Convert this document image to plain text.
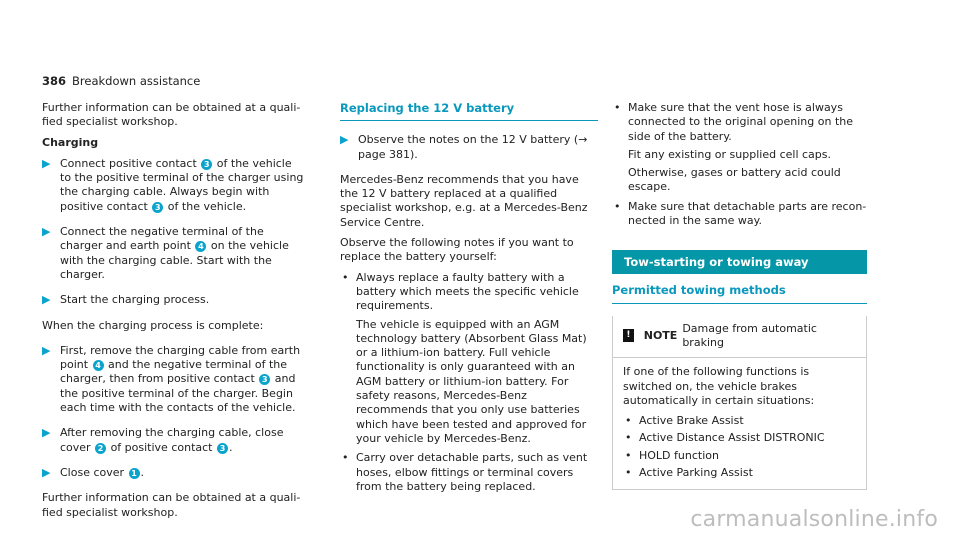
386 Breakdown assistance

Further information can be obtained at a qualified specialist workshop.

Charging
▶ Connect positive contact 3 of the vehicle to the positive terminal of the charger using the charging cable. Always begin with positive contact 3 of the vehicle.
▶ Connect the negative terminal of the charger and earth point 4 on the vehicle with the charging cable. Start with the charger.
▶ Start the charging process.

When the charging process is complete:

▶ First, remove the charging cable from earth point 4 and the negative terminal of the charger, then from positive contact 3 and the positive terminal of the charger. Begin each time with the contacts of the vehicle.
▶ After removing the charging cable, close cover 2 of positive contact 3 .
▶ Close cover 1 .

Further information can be obtained at a qualified specialist workshop.

Replacing the 12 V battery
▶ Observe the notes on the 12 V battery (→ page 381).

Mercedes-Benz recommends that you have the 12 V battery replaced at a qualified specialist workshop, e.g. at a Mercedes-Benz Service Centre.

Observe the following notes if you want to replace the battery yourself:

• Always replace a faulty battery with a battery which meets the specific vehicle requirements.

The vehicle is equipped with an AGM technology battery (Absorbent Glass Mat) or a lithium-ion battery. Full vehicle functionality is only guaranteed with an AGM battery or lithium-ion battery. For safety reasons, Mercedes-Benz recommends that you only use batteries which have been tested and approved for your vehicle by Mercedes-Benz.

• Carry over detachable parts, such as vent hoses, elbow fittings or terminal covers from the battery being replaced.

• Make sure that the vent hose is always connected to the original opening on the side of the battery.

Fit any existing or supplied cell caps.

Otherwise, gases or battery acid could escape.

• Make sure that detachable parts are reconnected in the same way.

Tow-starting or towing away
Permitted towing methods
!	NOTE
Damage from automatic braking

If one of the following functions is switched on, the vehicle brakes automatically in certain situations:

• Active Brake Assist
• Active Distance Assist DISTRONIC
• HOLD function
• Active Parking Assist
carmanualsonline.info
